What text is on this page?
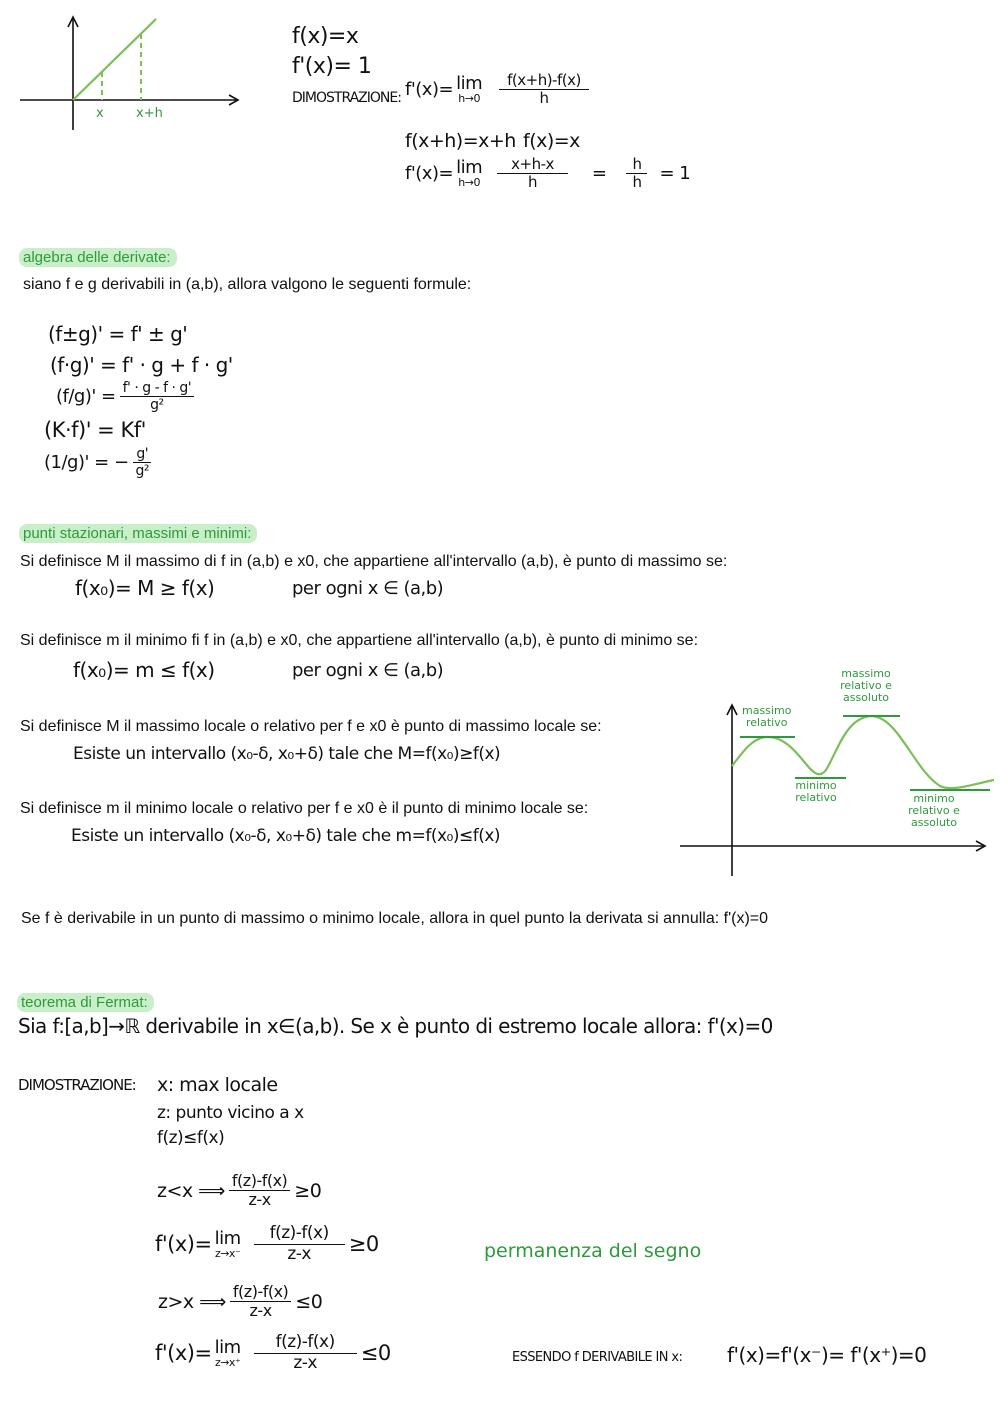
x x+h
f(x)=x
f'(x)= 1
DIMOSTRAZIONE: f'(x)= lim
$h\to 0 \frac{f(x+h)-f(x)}{h}$
f(x+h)=x+h f(x)=x
f'(x)= lim
$h\to 0 \frac{x+h-x}{h} = \frac{h}{h} = 1$
algebra delle derivate:
siano f e g derivabili in (a,b), allora valgono le seguenti formule:
(f±g)' = f' ± g'
(f·g)' = f' · g + f · g'
$(f/g)' = \frac{f' \cdot g - f \cdot g'}{\text{g²}}$
(K·f)' = Kf'
(1/g)' = − $\frac{g'}{\text{g²}}$
punti stazionari, massimi e minimi:
Si definisce M il massimo di f in (a,b) e x0, che appartiene all'intervallo (a,b), è punto di massimo se:
f(x₀)= M ≥ f(x)	per ogni x ∈ (a,b)
Si definisce m il minimo fi f in (a,b) e x0, che appartiene all'intervallo (a,b), è punto di minimo se:
f(x₀)= m ≤ f(x)	per ogni x ∈ (a,b)
Si definisce M il massimo locale o relativo per f e x0 è punto di massimo locale se:
Esiste un intervallo (x₀-δ, x₀+δ) tale che M=f(x₀)≥f(x)
Si definisce m il minimo locale o relativo per f e x0 è il punto di minimo locale se:
Esiste un intervallo (x₀-δ, x₀+δ) tale che m=f(x₀)≤f(x)
massimo
relativo
massimo
relativo e
assoluto
minimo
relativo	minimo
relativo e
assoluto
Se f è derivabile in un punto di massimo o minimo locale, allora in quel punto la derivata si annulla: f'(x)=0
teorema di Fermat:
Sia f:[a,b]→ℝ derivabile in x∈(a,b). Se x è punto di estremo locale allora: f'(x)=0
DIMOSTRAZIONE: x: max locale
z: punto vicino a x
f(z)≤f(x)
z<x ⟹ $\frac{f(z)-f(x)}{z-x} \ge 0$
f'(x)= lim
$z\to x^- \frac{f(z)-f(x)}{z-x} \ge 0$	permanenza del segno
z>x ⟹ $\frac{f(z)-f(x)}{z-x} \le 0$
f'(x)= lim
$z\to x^+ \frac{f(z)-f(x)}{z-x} \le 0$	ESSENDO f DERIVABILE IN x: f'(x)=f'(x⁻)= f'(x⁺)=0
